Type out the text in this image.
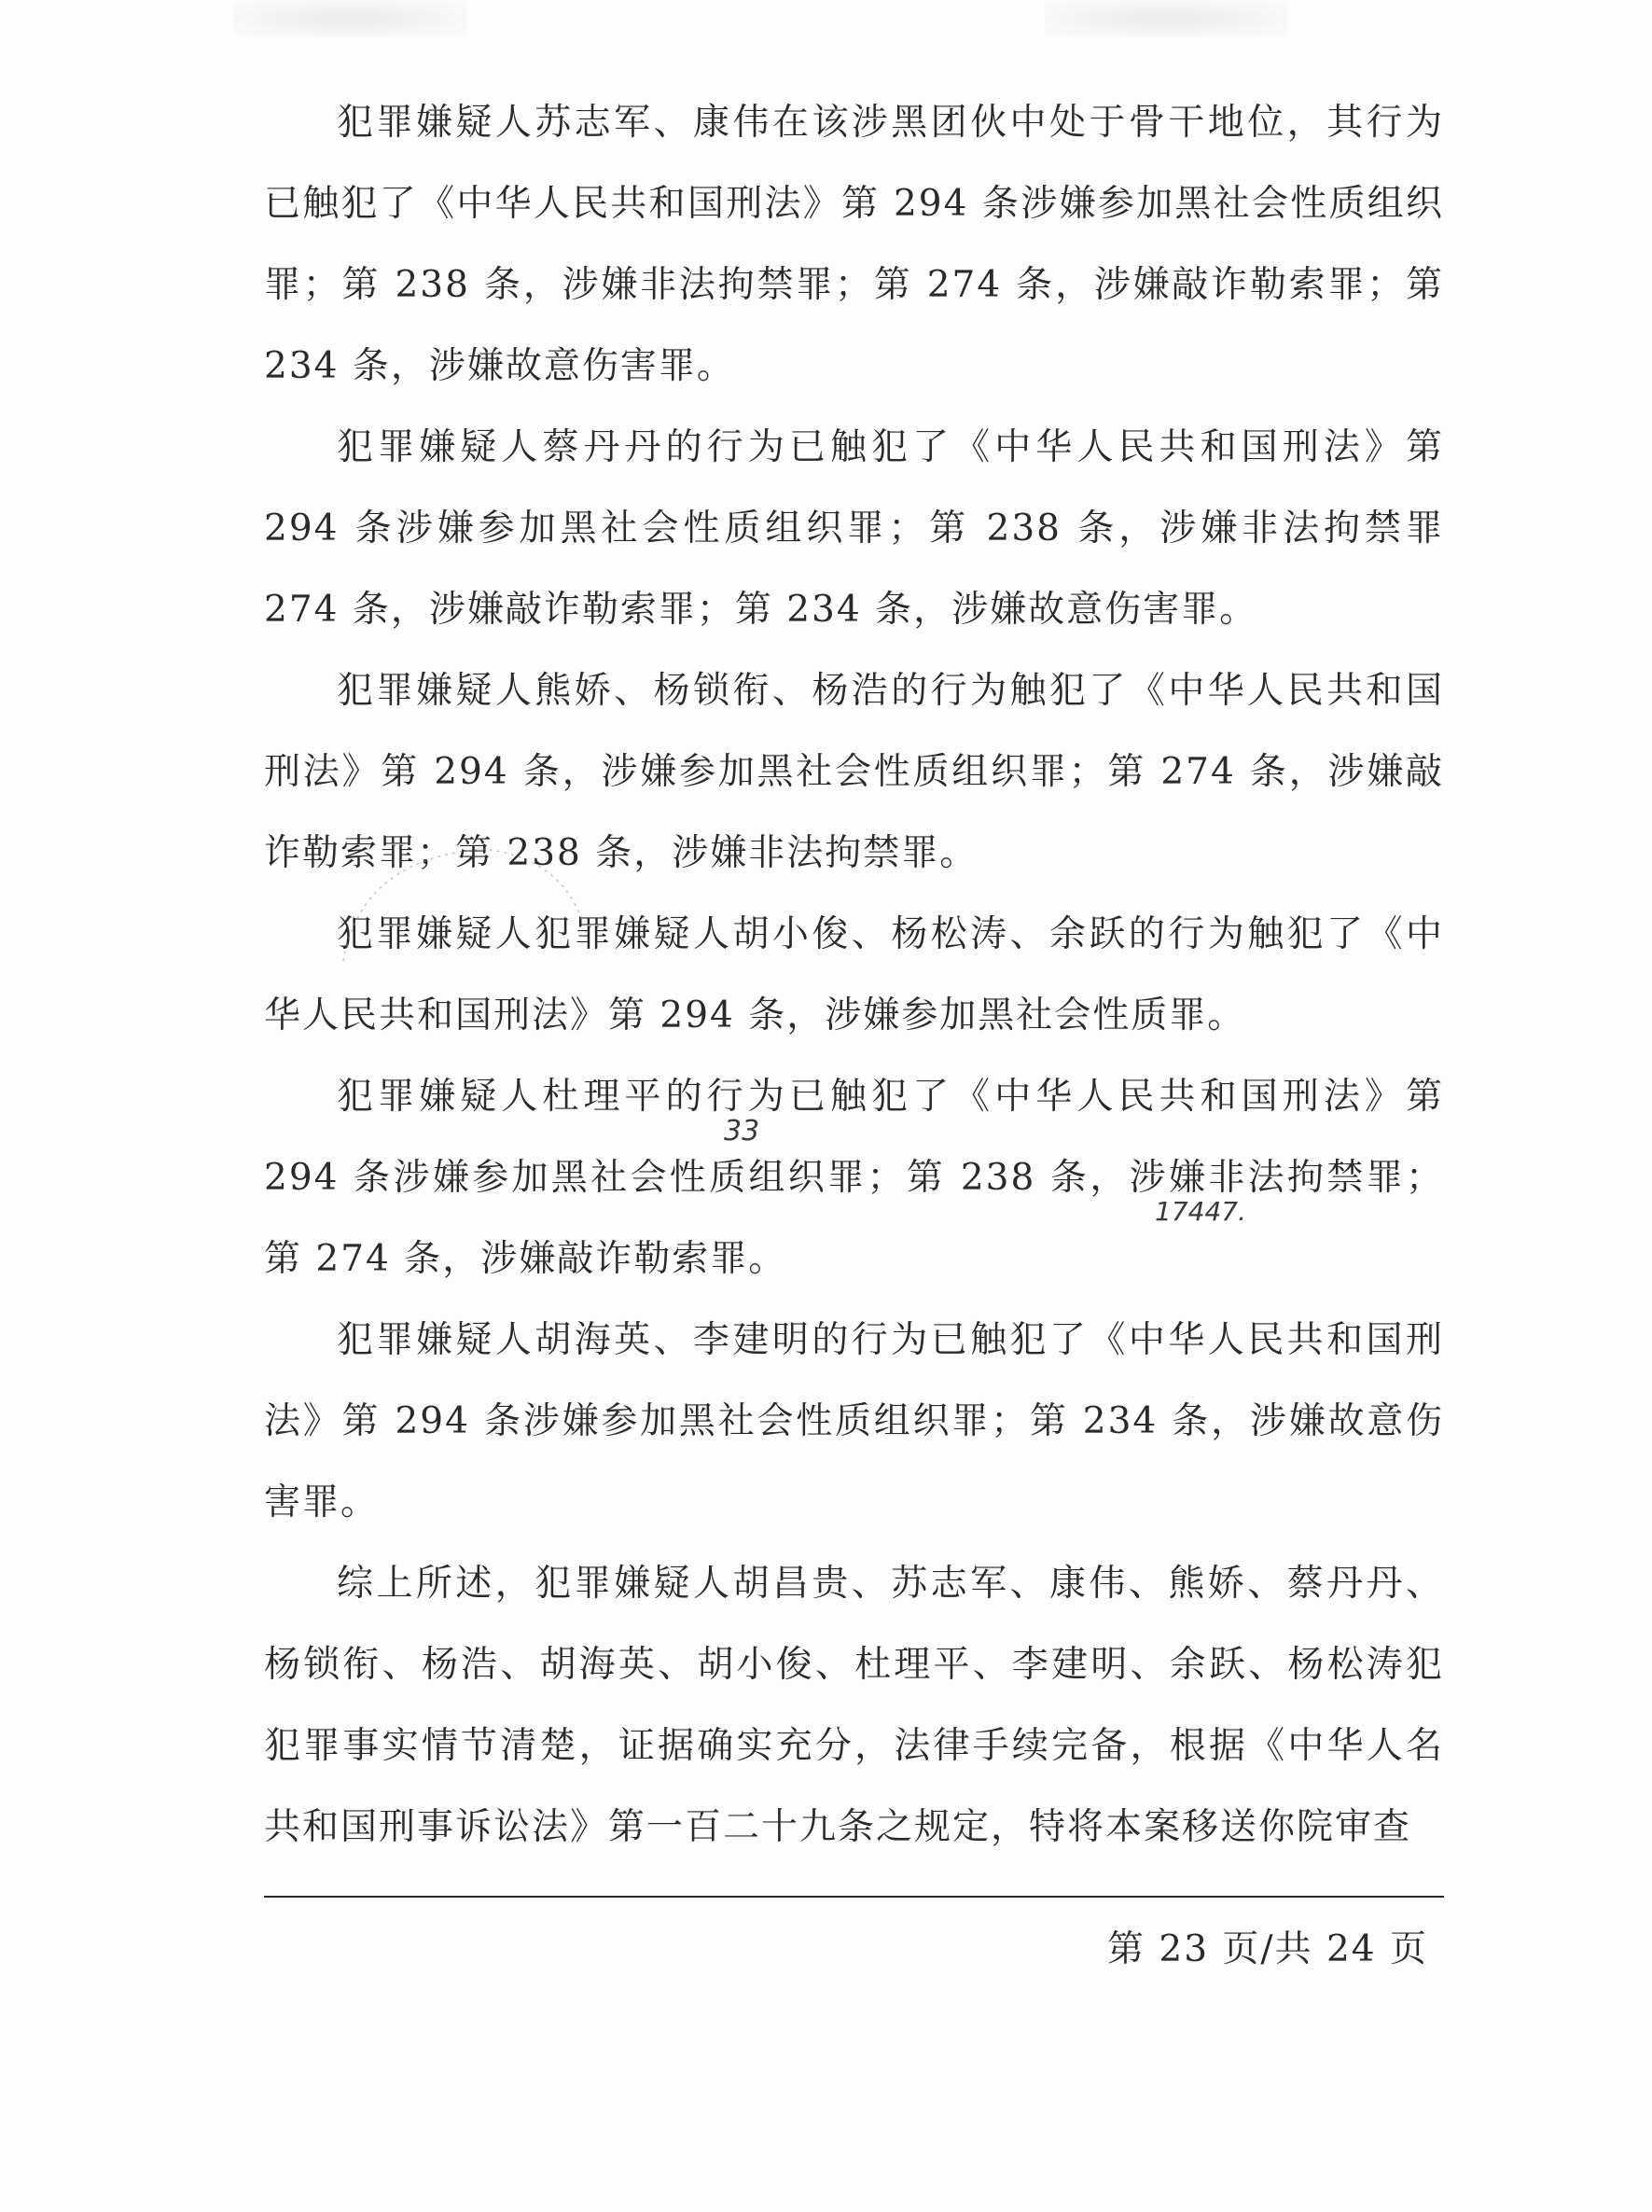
犯罪嫌疑人苏志军、康伟在该涉黑团伙中处于骨干地位，其行为已触犯了《中华人民共和国刑法》第 294 条涉嫌参加黑社会性质组织罪；第 238 条，涉嫌非法拘禁罪；第 274 条，涉嫌敲诈勒索罪；第 234 条，涉嫌故意伤害罪。

犯罪嫌疑人蔡丹丹的行为已触犯了《中华人民共和国刑法》第 294 条涉嫌参加黑社会性质组织罪；第 238 条，涉嫌非法拘禁罪 274 条，涉嫌敲诈勒索罪；第 234 条，涉嫌故意伤害罪。

犯罪嫌疑人熊娇、杨锁衔、杨浩的行为触犯了《中华人民共和国刑法》第 294 条，涉嫌参加黑社会性质组织罪；第 274 条，涉嫌敲诈勒索罪；第 238 条，涉嫌非法拘禁罪。

犯罪嫌疑人犯罪嫌疑人胡小俊、杨松涛、余跃的行为触犯了《中华人民共和国刑法》第 294 条，涉嫌参加黑社会性质罪。

犯罪嫌疑人杜理平的行为已触犯了《中华人民共和国刑法》第 294 条涉嫌参加黑社会性质组织罪；第 238 条，涉嫌非法拘禁罪；第 274 条，涉嫌敲诈勒索罪。

犯罪嫌疑人胡海英、李建明的行为已触犯了《中华人民共和国刑法》第 294 条涉嫌参加黑社会性质组织罪；第 234 条，涉嫌故意伤害罪。

综上所述，犯罪嫌疑人胡昌贵、苏志军、康伟、熊娇、蔡丹丹、杨锁衔、杨浩、胡海英、胡小俊、杜理平、李建明、余跃、杨松涛犯犯罪事实情节清楚，证据确实充分，法律手续完备，根据《中华人名共和国刑事诉讼法》第一百二十九条之规定，特将本案移送你院审查

33
17447.
第 23 页/共 24 页
